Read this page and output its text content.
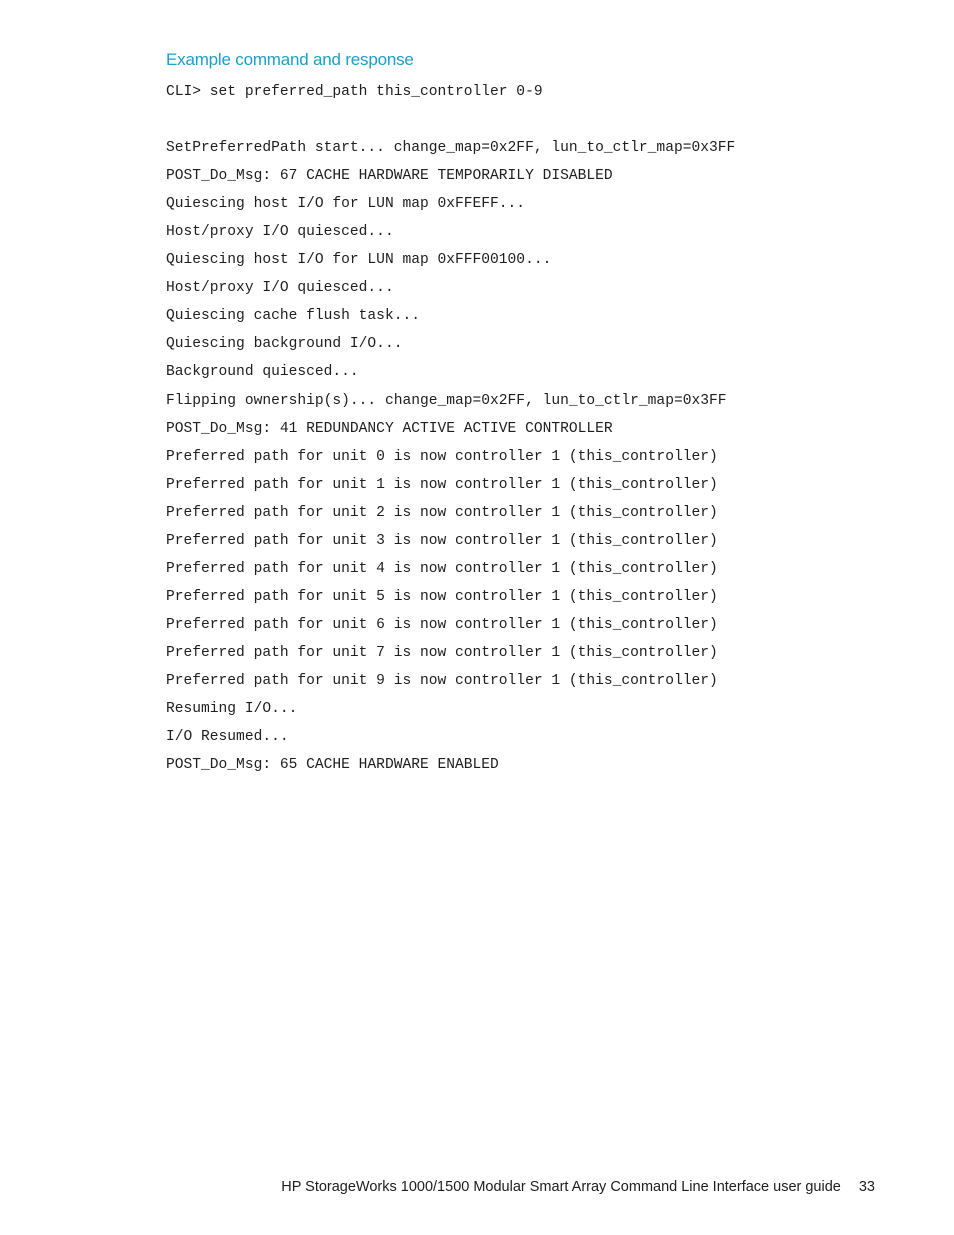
Example command and response
CLI> set preferred_path this_controller 0-9
SetPreferredPath start... change_map=0x2FF, lun_to_ctlr_map=0x3FF
POST_Do_Msg: 67 CACHE HARDWARE TEMPORARILY DISABLED
Quiescing host I/O for LUN map 0xFFEFF...
Host/proxy I/O quiesced...
Quiescing host I/O for LUN map 0xFFF00100...
Host/proxy I/O quiesced...
Quiescing cache flush task...
Quiescing background I/O...
Background quiesced...
Flipping ownership(s)... change_map=0x2FF, lun_to_ctlr_map=0x3FF
POST_Do_Msg: 41 REDUNDANCY ACTIVE ACTIVE CONTROLLER
Preferred path for unit 0 is now controller 1 (this_controller)
Preferred path for unit 1 is now controller 1 (this_controller)
Preferred path for unit 2 is now controller 1 (this_controller)
Preferred path for unit 3 is now controller 1 (this_controller)
Preferred path for unit 4 is now controller 1 (this_controller)
Preferred path for unit 5 is now controller 1 (this_controller)
Preferred path for unit 6 is now controller 1 (this_controller)
Preferred path for unit 7 is now controller 1 (this_controller)
Preferred path for unit 9 is now controller 1 (this_controller)
Resuming I/O...
I/O Resumed...
POST_Do_Msg: 65 CACHE HARDWARE ENABLED
HP StorageWorks 1000/1500 Modular Smart Array Command Line Interface user guide 33
